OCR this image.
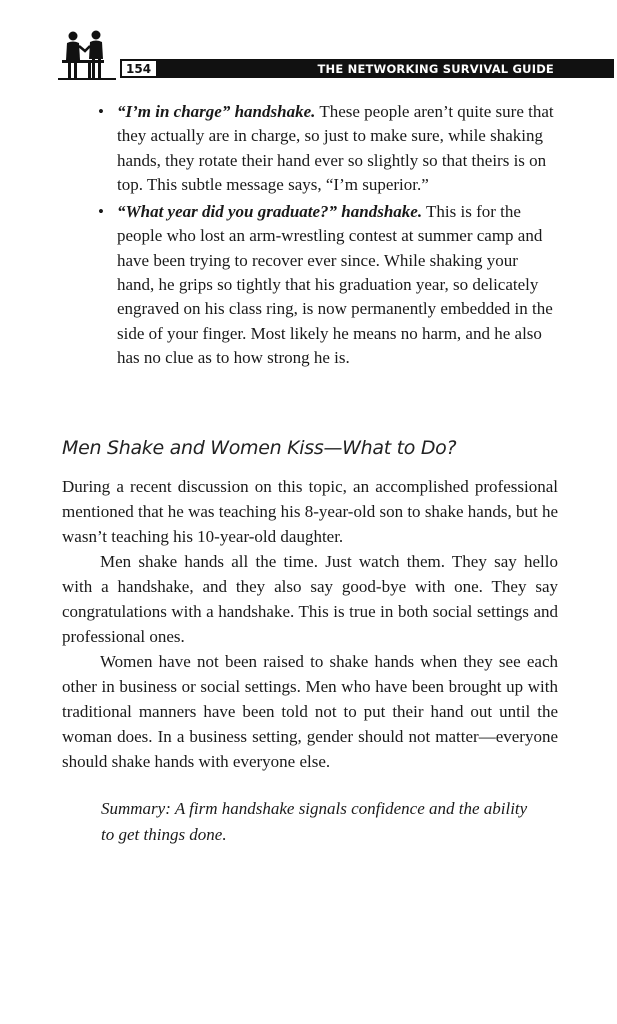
154	THE NETWORKING SURVIVAL GUIDE
• “I’m in charge” handshake. These people aren’t quite sure that they actually are in charge, so just to make sure, while shaking hands, they rotate their hand ever so slightly so that theirs is on top. This subtle message says, “I’m superior.”
• “What year did you graduate?” handshake. This is for the people who lost an arm-wrestling contest at summer camp and have been trying to recover ever since. While shaking your hand, he grips so tightly that his graduation year, so delicately engraved on his class ring, is now permanently embedded in the side of your finger. Most likely he means no harm, and he also has no clue as to how strong he is.
Men Shake and Women Kiss—What to Do?

During a recent discussion on this topic, an accomplished professional mentioned that he was teaching his 8-year-old son to shake hands, but he wasn’t teaching his 10-year-old daughter.

Men shake hands all the time. Just watch them. They say hello with a handshake, and they also say good-bye with one. They say congratulations with a handshake. This is true in both social settings and professional ones.

Women have not been raised to shake hands when they see each other in business or social settings. Men who have been brought up with traditional manners have been told not to put their hand out until the woman does. In a business setting, gender should not matter—everyone should shake hands with everyone else.

Summary: A firm handshake signals confidence and the ability to get things done.
